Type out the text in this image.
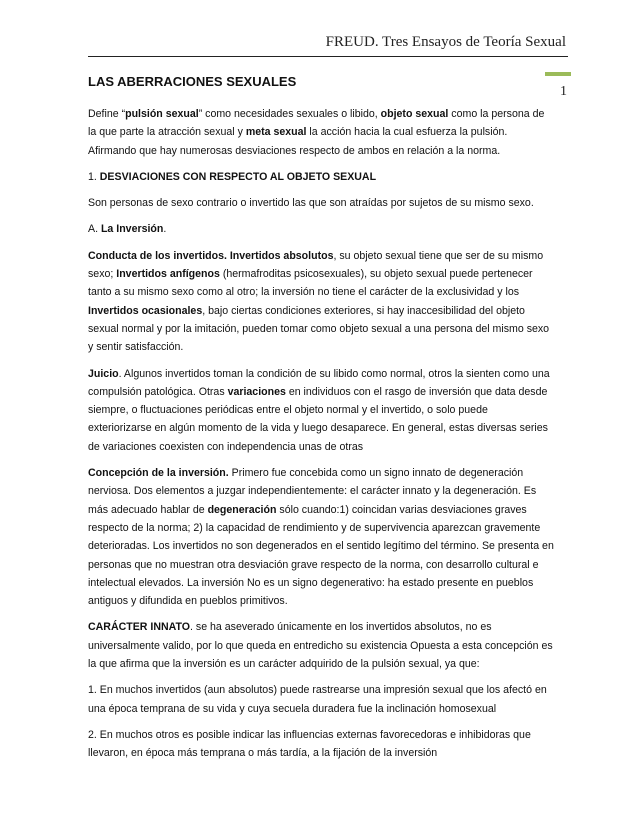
FREUD. Tres Ensayos de Teoría Sexual
1
LAS ABERRACIONES SEXUALES

Define “pulsión sexual” como necesidades sexuales o libido, objeto sexual como la persona de la que parte la atracción sexual y meta sexual la acción hacia la cual esfuerza la pulsión. Afirmando que hay numerosas desviaciones respecto de ambos en relación a la norma.

1. DESVIACIONES CON RESPECTO AL OBJETO SEXUAL

Son personas de sexo contrario o invertido las que son atraídas por sujetos de su mismo sexo.

A. La Inversión.

Conducta de los invertidos. Invertidos absolutos, su objeto sexual tiene que ser de su mismo sexo; Invertidos anfígenos (hermafroditas psicosexuales), su objeto sexual puede pertenecer tanto a su mismo sexo como al otro; la inversión no tiene el carácter de la exclusividad y los Invertidos ocasionales, bajo ciertas condiciones exteriores, si hay inaccesibilidad del objeto sexual normal y por la imitación, pueden tomar como objeto sexual a una persona del mismo sexo y sentir satisfacción.

Juicio. Algunos invertidos toman la condición de su libido como normal, otros la sienten como una compulsión patológica. Otras variaciones en individuos con el rasgo de inversión que data desde siempre, o fluctuaciones periódicas entre el objeto normal y el invertido, o solo puede exteriorizarse en algún momento de la vida y luego desaparece. En general, estas diversas series de variaciones coexisten con independencia unas de otras

Concepción de la inversión. Primero fue concebida como un signo innato de degeneración nerviosa. Dos elementos a juzgar independientemente: el carácter innato y la degeneración. Es más adecuado hablar de degeneración sólo cuando:1) coincidan varias desviaciones graves respecto de la norma; 2) la capacidad de rendimiento y de supervivencia aparezcan gravemente deterioradas. Los invertidos no son degenerados en el sentido legítimo del término. Se presenta en personas que no muestran otra desviación grave respecto de la norma, con desarrollo cultural e intelectual elevados. La inversión No es un signo degenerativo: ha estado presente en pueblos antiguos y difundida en pueblos primitivos.

CARÁCTER INNATO. se ha aseverado únicamente en los invertidos absolutos, no es universalmente valido, por lo que queda en entredicho su existencia Opuesta a esta concepción es la que afirma que la inversión es un carácter adquirido de la pulsión sexual, ya que:

1. En muchos invertidos (aun absolutos) puede rastrearse una impresión sexual que los afectó en una época temprana de su vida y cuya secuela duradera fue la inclinación homosexual

2. En muchos otros es posible indicar las influencias externas favorecedoras e inhibidoras que llevaron, en época más temprana o más tardía, a la fijación de la inversión
